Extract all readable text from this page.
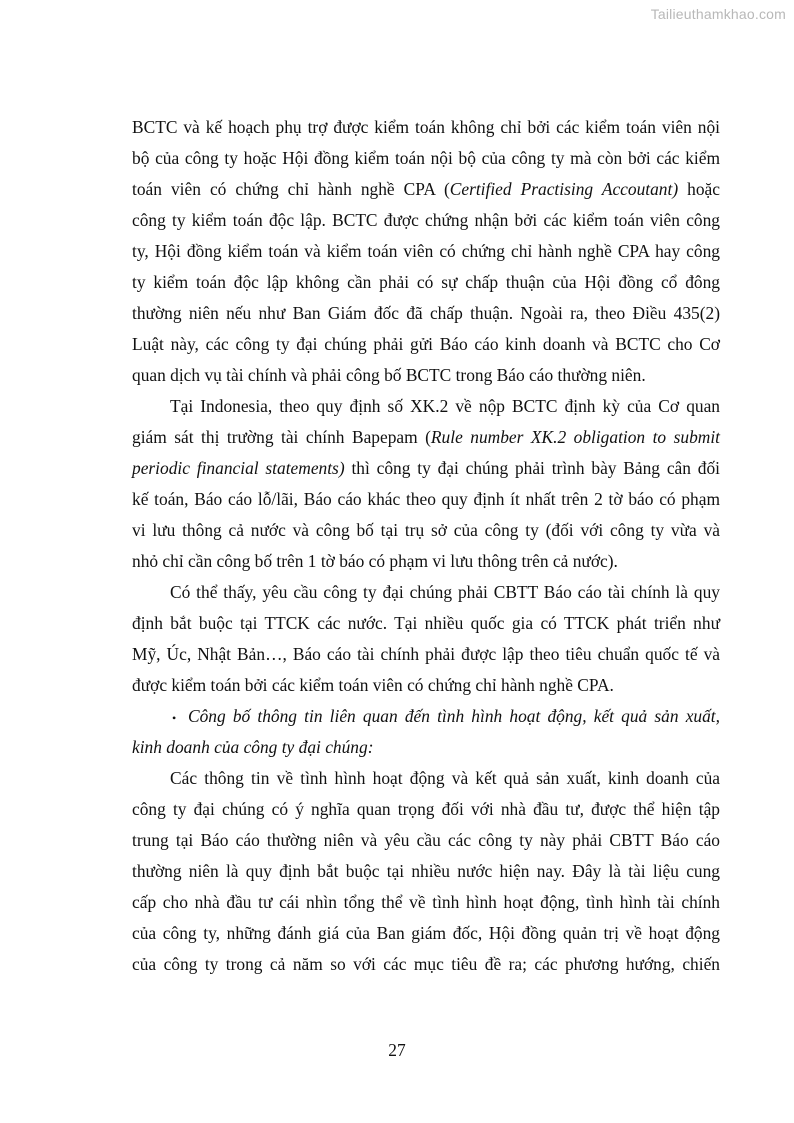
Tailieuthamkhao.com

BCTC và kế hoạch phụ trợ được kiểm toán không chỉ bởi các kiểm toán viên nội
bộ của công ty hoặc Hội đồng kiểm toán nội bộ của công ty mà còn bởi các kiểm
toán viên có chứng chỉ hành nghề CPA (Certified Practising Accoutant) hoặc
công ty kiểm toán độc lập. BCTC được chứng nhận bởi các kiểm toán viên công
ty, Hội đồng kiểm toán và kiểm toán viên có chứng chỉ hành nghề CPA hay công
ty kiểm toán độc lập không cần phải có sự chấp thuận của Hội đồng cổ đông
thường niên nếu như Ban Giám đốc đã chấp thuận. Ngoài ra, theo Điều 435(2)
Luật này, các công ty đại chúng phải gửi Báo cáo kinh doanh và BCTC cho Cơ
quan dịch vụ tài chính và phải công bố BCTC trong Báo cáo thường niên.

Tại Indonesia, theo quy định số XK.2 về nộp BCTC định kỳ của Cơ quan
giám sát thị trường tài chính Bapepam (Rule number XK.2 obligation to submit
periodic financial statements) thì công ty đại chúng phải trình bày Bảng cân đối
kế toán, Báo cáo lỗ/lãi, Báo cáo khác theo quy định ít nhất trên 2 tờ báo có phạm
vi lưu thông cả nước và công bố tại trụ sở của công ty (đối với công ty vừa và
nhỏ chỉ cần công bố trên 1 tờ báo có phạm vi lưu thông trên cả nước).

Có thể thấy, yêu cầu công ty đại chúng phải CBTT Báo cáo tài chính là quy
định bắt buộc tại TTCK các nước. Tại nhiều quốc gia có TTCK phát triển như
Mỹ, Úc, Nhật Bản…, Báo cáo tài chính phải được lập theo tiêu chuẩn quốc tế và
được kiểm toán bởi các kiểm toán viên có chứng chỉ hành nghề CPA.

• Công bố thông tin liên quan đến tình hình hoạt động, kết quả sản xuất,
kinh doanh của công ty đại chúng:

Các thông tin về tình hình hoạt động và kết quả sản xuất, kinh doanh của
công ty đại chúng có ý nghĩa quan trọng đối với nhà đầu tư, được thể hiện tập
trung tại Báo cáo thường niên và yêu cầu các công ty này phải CBTT Báo cáo
thường niên là quy định bắt buộc tại nhiều nước hiện nay. Đây là tài liệu cung
cấp cho nhà đầu tư cái nhìn tổng thể về tình hình hoạt động, tình hình tài chính
của công ty, những đánh giá của Ban giám đốc, Hội đồng quản trị về hoạt động
của công ty trong cả năm so với các mục tiêu đề ra; các phương hướng, chiến

27
